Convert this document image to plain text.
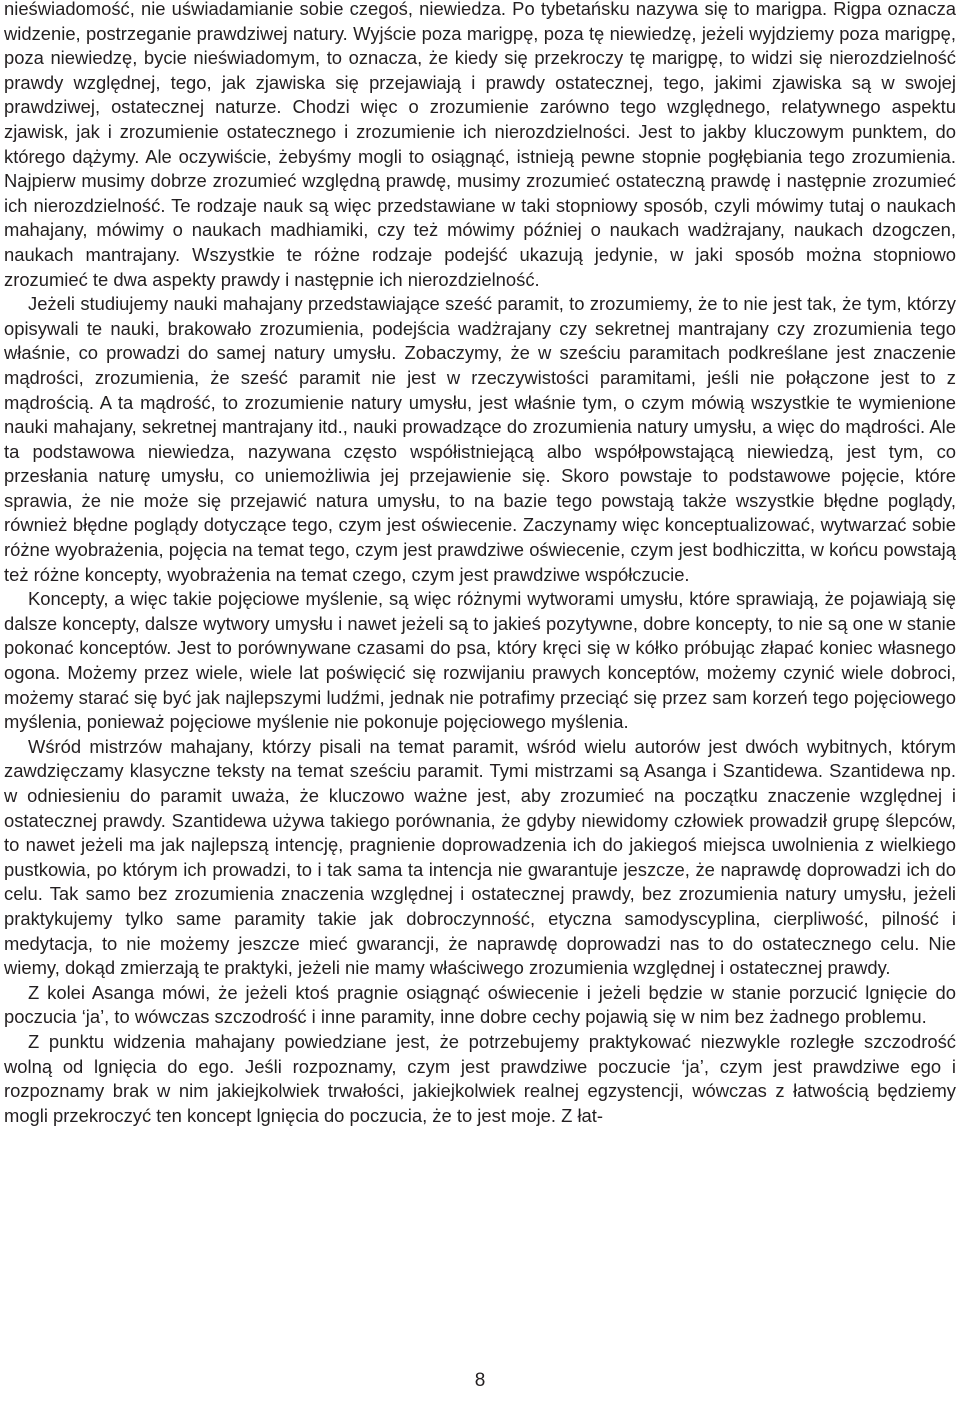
nieświadomość, nie uświadamianie sobie czegoś, niewiedza. Po tybetańsku nazywa się to marigpa. Rigpa oznacza widzenie, postrzeganie prawdziwej natury. Wyjście poza marigpę, poza tę niewiedzę, jeżeli wyjdziemy poza marigpę, poza niewiedzę, bycie nieświadomym, to oznacza, że kiedy się przekroczy tę marigpę, to widzi się nierozdzielność prawdy względnej, tego, jak zjawiska się przejawiają i prawdy ostatecznej, tego, jakimi zjawiska są w swojej prawdziwej, ostatecznej naturze. Chodzi więc o zrozumienie zarówno tego względnego, relatywnego aspektu zjawisk, jak i zrozumienie ostatecznego i zrozumienie ich nierozdzielności. Jest to jakby kluczowym punktem, do którego dążymy. Ale oczywiście, żebyśmy mogli to osiągnąć, istnieją pewne stopnie pogłębiania tego zrozumienia. Najpierw musimy dobrze zrozumieć względną prawdę, musimy zrozumieć ostateczną prawdę i następnie zrozumieć ich nierozdzielność. Te rodzaje nauk są więc przedstawiane w taki stopniowy sposób, czyli mówimy tutaj o naukach mahajany, mówimy o naukach madhiamiki, czy też mówimy później o naukach wadżrajany, naukach dzogczen, naukach mantrajany. Wszystkie te różne rodzaje podejść ukazują jedynie, w jaki sposób można stopniowo zrozumieć te dwa aspekty prawdy i następnie ich nierozdzielność.

Jeżeli studiujemy nauki mahajany przedstawiające sześć paramit, to zrozumiemy, że to nie jest tak, że tym, którzy opisywali te nauki, brakowało zrozumienia, podejścia wadżrajany czy sekretnej mantrajany czy zrozumienia tego właśnie, co prowadzi do samej natury umysłu. Zobaczymy, że w sześciu paramitach podkreślane jest znaczenie mądrości, zrozumienia, że sześć paramit nie jest w rzeczywistości paramitami, jeśli nie połączone jest to z mądrością. A ta mądrość, to zrozumienie natury umysłu, jest właśnie tym, o czym mówią wszystkie te wymienione nauki mahajany, sekretnej mantrajany itd., nauki prowadzące do zrozumienia natury umysłu, a więc do mądrości. Ale ta podstawowa niewiedza, nazywana często współistniejącą albo współpowstającą niewiedzą, jest tym, co przesłania naturę umysłu, co uniemożliwia jej przejawienie się. Skoro powstaje to podstawowe pojęcie, które sprawia, że nie może się przejawić natura umysłu, to na bazie tego powstają także wszystkie błędne poglądy, również błędne poglądy dotyczące tego, czym jest oświecenie. Zaczynamy więc konceptualizować, wytwarzać sobie różne wyobrażenia, pojęcia na temat tego, czym jest prawdziwe oświecenie, czym jest bodhiczitta, w końcu powstają też różne koncepty, wyobrażenia na temat czego, czym jest prawdziwe współczucie.

Koncepty, a więc takie pojęciowe myślenie, są więc różnymi wytworami umysłu, które sprawiają, że pojawiają się dalsze koncepty, dalsze wytwory umysłu i nawet jeżeli są to jakieś pozytywne, dobre koncepty, to nie są one w stanie pokonać konceptów. Jest to porównywane czasami do psa, który kręci się w kółko próbując złapać koniec własnego ogona. Możemy przez wiele, wiele lat poświęcić się rozwijaniu prawych konceptów, możemy czynić wiele dobroci, możemy starać się być jak najlepszymi ludźmi, jednak nie potrafimy przeciąć się przez sam korzeń tego pojęciowego myślenia, ponieważ pojęciowe myślenie nie pokonuje pojęciowego myślenia.

Wśród mistrzów mahajany, którzy pisali na temat paramit, wśród wielu autorów jest dwóch wybitnych, którym zawdzięczamy klasyczne teksty na temat sześciu paramit. Tymi mistrzami są Asanga i Szantidewa. Szantidewa np. w odniesieniu do paramit uważa, że kluczowo ważne jest, aby zrozumieć na początku znaczenie względnej i ostatecznej prawdy. Szantidewa używa takiego porównania, że gdyby niewidomy człowiek prowadził grupę ślepców, to nawet jeżeli ma jak najlepszą intencję, pragnienie doprowadzenia ich do jakiegoś miejsca uwolnienia z wielkiego pustkowia, po którym ich prowadzi, to i tak sama ta intencja nie gwarantuje jeszcze, że naprawdę doprowadzi ich do celu. Tak samo bez zrozumienia znaczenia względnej i ostatecznej prawdy, bez zrozumienia natury umysłu, jeżeli praktykujemy tylko same paramity takie jak dobroczynność, etyczna samodyscyplina, cierpliwość, pilność i medytacja, to nie możemy jeszcze mieć gwarancji, że naprawdę doprowadzi nas to do ostatecznego celu. Nie wiemy, dokąd zmierzają te praktyki, jeżeli nie mamy właściwego zrozumienia względnej i ostatecznej prawdy.

Z kolei Asanga mówi, że jeżeli ktoś pragnie osiągnąć oświecenie i jeżeli będzie w stanie porzucić lgnięcie do poczucia ‘ja’, to wówczas szczodrość i inne paramity, inne dobre cechy pojawią się w nim bez żadnego problemu.

Z punktu widzenia mahajany powiedziane jest, że potrzebujemy praktykować niezwykle rozległe szczodrość wolną od lgnięcia do ego. Jeśli rozpoznamy, czym jest prawdziwe poczucie ‘ja’, czym jest prawdziwe ego i rozpoznamy brak w nim jakiejkolwiek trwałości, jakiejkolwiek realnej egzystencji, wówczas z łatwością będziemy mogli przekroczyć ten koncept lgnięcia do poczucia, że to jest moje. Z łat-

8
